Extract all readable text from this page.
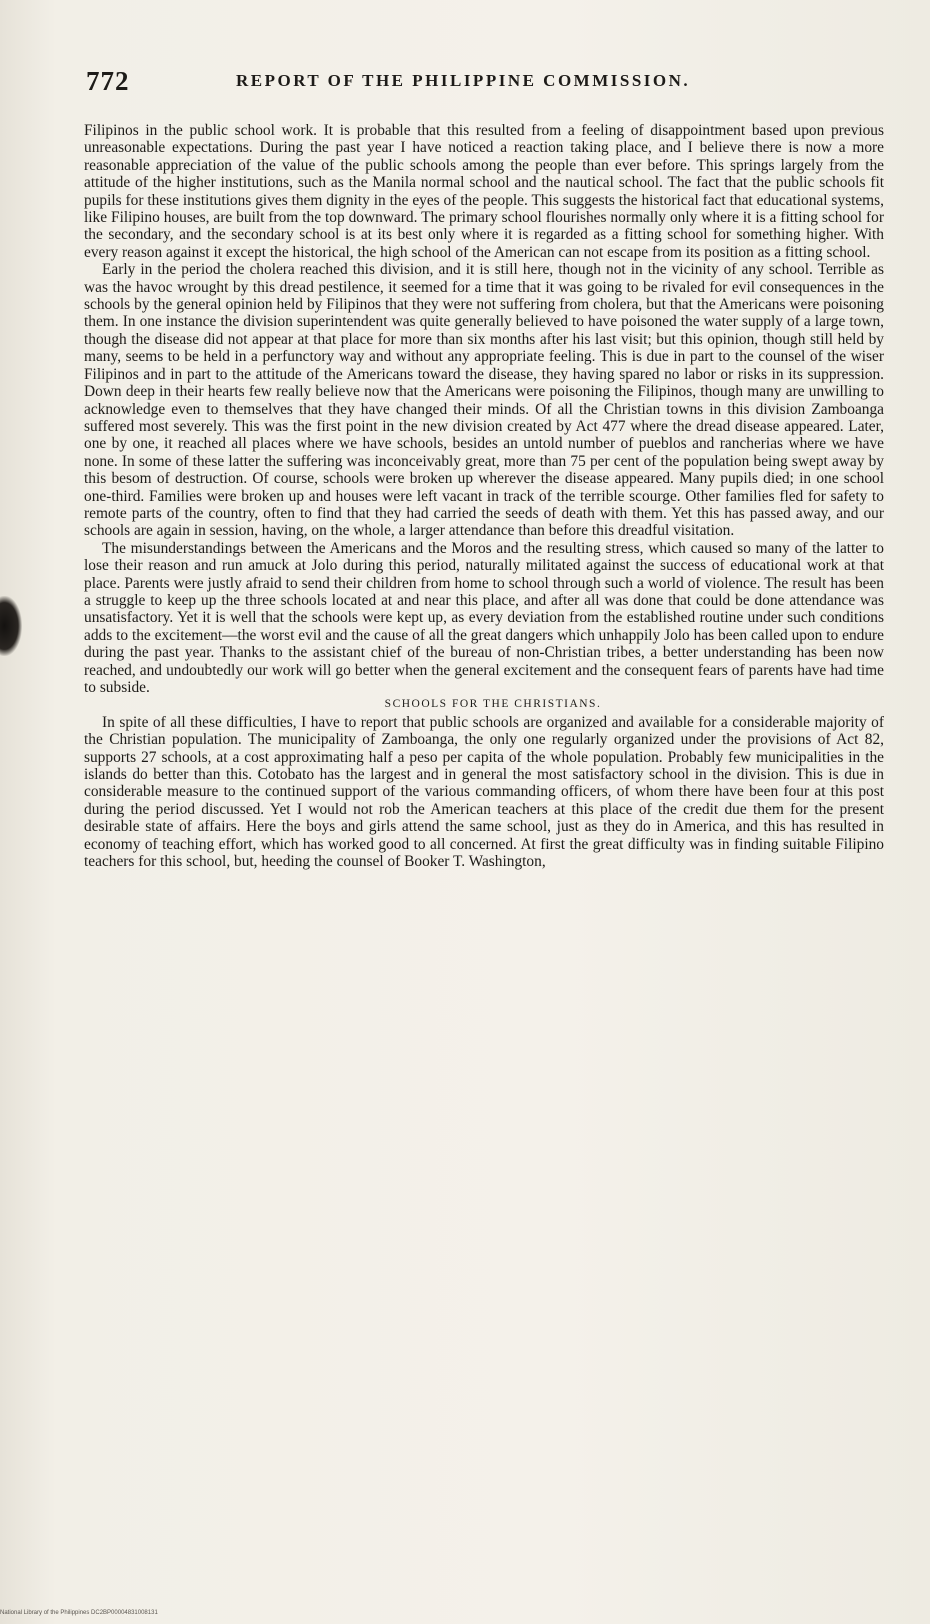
772	REPORT OF THE PHILIPPINE COMMISSION.

Filipinos in the public school work. It is probable that this resulted from a feeling of disappointment based upon previous unreasonable expectations. During the past year I have noticed a reaction taking place, and I believe there is now a more reasonable appreciation of the value of the public schools among the people than ever before. This springs largely from the attitude of the higher institutions, such as the Manila normal school and the nautical school. The fact that the public schools fit pupils for these institutions gives them dignity in the eyes of the people. This suggests the historical fact that educational systems, like Filipino houses, are built from the top downward. The primary school flourishes normally only where it is a fitting school for the secondary, and the secondary school is at its best only where it is regarded as a fitting school for something higher. With every reason against it except the historical, the high school of the American can not escape from its position as a fitting school.

Early in the period the cholera reached this division, and it is still here, though not in the vicinity of any school. Terrible as was the havoc wrought by this dread pestilence, it seemed for a time that it was going to be rivaled for evil consequences in the schools by the general opinion held by Filipinos that they were not suffering from cholera, but that the Americans were poisoning them. In one instance the division superintendent was quite generally believed to have poisoned the water supply of a large town, though the disease did not appear at that place for more than six months after his last visit; but this opinion, though still held by many, seems to be held in a perfunctory way and without any appropriate feeling. This is due in part to the counsel of the wiser Filipinos and in part to the attitude of the Americans toward the disease, they having spared no labor or risks in its suppression. Down deep in their hearts few really believe now that the Americans were poisoning the Filipinos, though many are unwilling to acknowledge even to themselves that they have changed their minds. Of all the Christian towns in this division Zamboanga suffered most severely. This was the first point in the new division created by Act 477 where the dread disease appeared. Later, one by one, it reached all places where we have schools, besides an untold number of pueblos and rancherias where we have none. In some of these latter the suffering was inconceivably great, more than 75 per cent of the population being swept away by this besom of destruction. Of course, schools were broken up wherever the disease appeared. Many pupils died; in one school one-third. Families were broken up and houses were left vacant in track of the terrible scourge. Other families fled for safety to remote parts of the country, often to find that they had carried the seeds of death with them. Yet this has passed away, and our schools are again in session, having, on the whole, a larger attendance than before this dreadful visitation.

The misunderstandings between the Americans and the Moros and the resulting stress, which caused so many of the latter to lose their reason and run amuck at Jolo during this period, naturally militated against the success of educational work at that place. Parents were justly afraid to send their children from home to school through such a world of violence. The result has been a struggle to keep up the three schools located at and near this place, and after all was done that could be done attendance was unsatisfactory. Yet it is well that the schools were kept up, as every deviation from the established routine under such conditions adds to the excitement—the worst evil and the cause of all the great dangers which unhappily Jolo has been called upon to endure during the past year. Thanks to the assistant chief of the bureau of non-Christian tribes, a better understanding has been now reached, and undoubtedly our work will go better when the general excitement and the consequent fears of parents have had time to subside.

SCHOOLS FOR THE CHRISTIANS.

In spite of all these difficulties, I have to report that public schools are organized and available for a considerable majority of the Christian population. The municipality of Zamboanga, the only one regularly organized under the provisions of Act 82, supports 27 schools, at a cost approximating half a peso per capita of the whole population. Probably few municipalities in the islands do better than this. Cotobato has the largest and in general the most satisfactory school in the division. This is due in considerable measure to the continued support of the various commanding officers, of whom there have been four at this post during the period discussed. Yet I would not rob the American teachers at this place of the credit due them for the present desirable state of affairs. Here the boys and girls attend the same school, just as they do in America, and this has resulted in economy of teaching effort, which has worked good to all concerned. At first the great difficulty was in finding suitable Filipino teachers for this school, but, heeding the counsel of Booker T. Washington,

National Library of the Philippines DC2BP00004831008131
